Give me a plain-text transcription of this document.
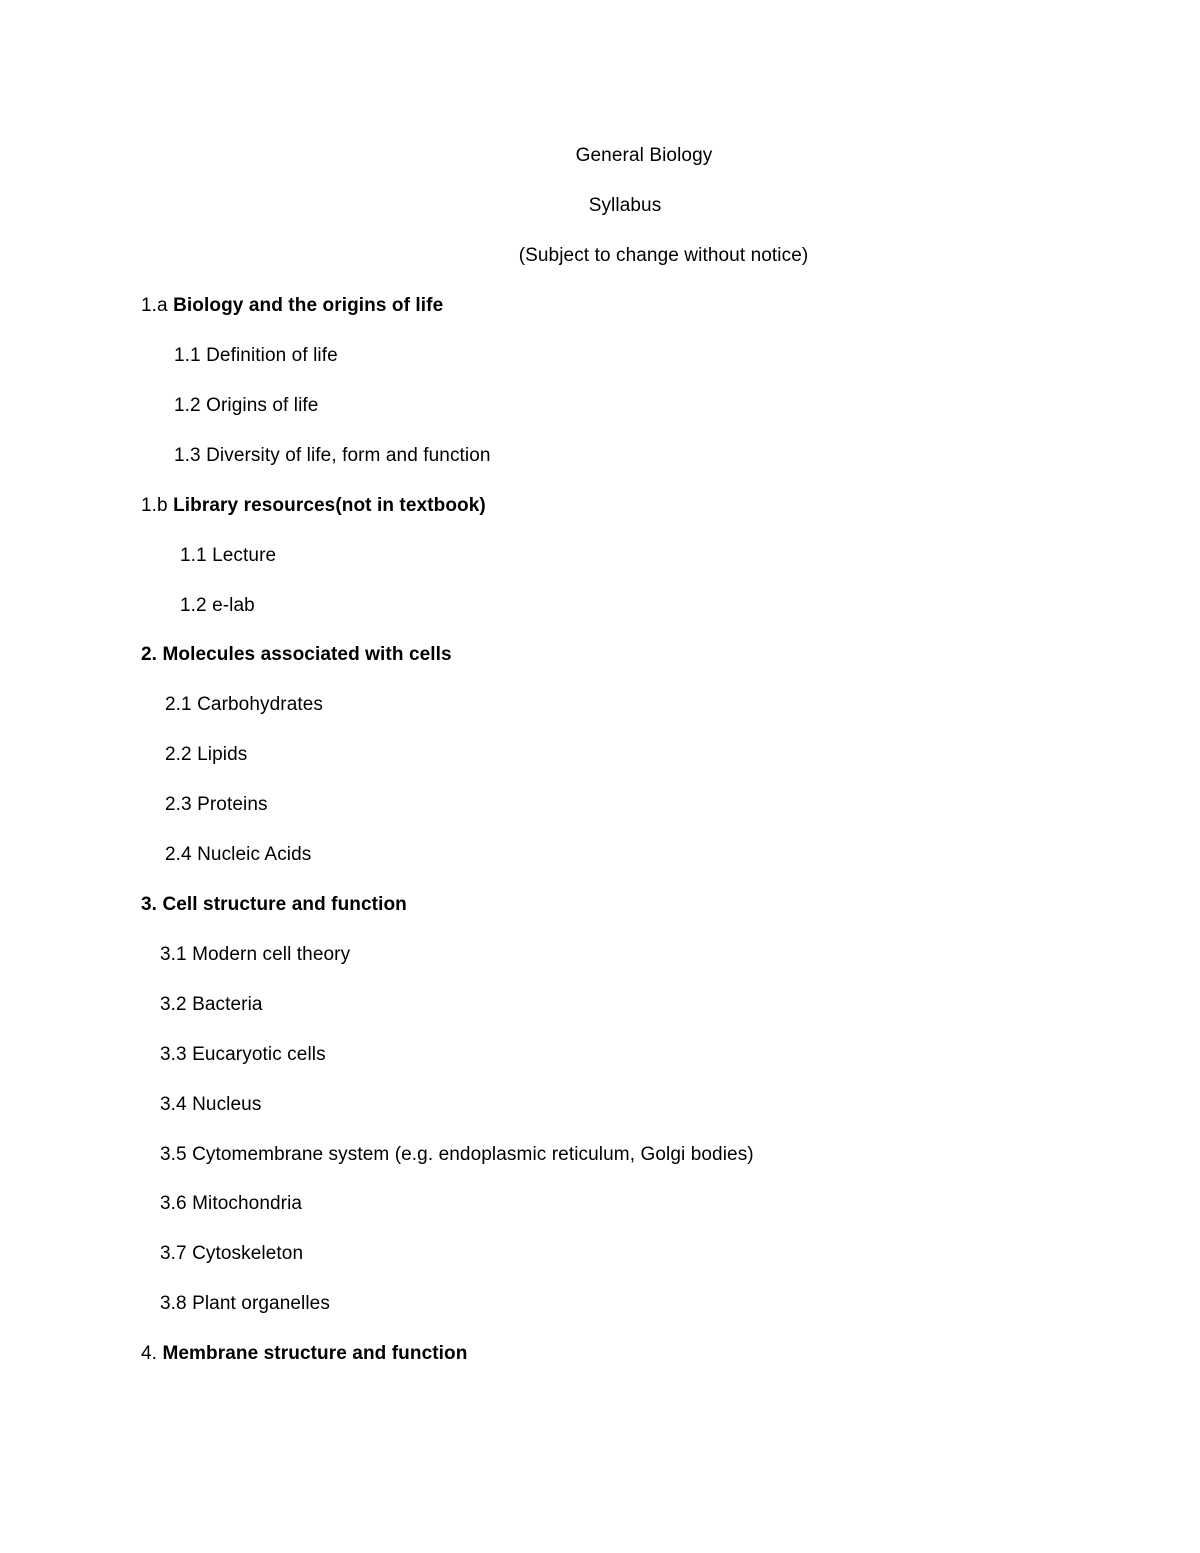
General Biology
Syllabus
(Subject to change without notice)
1.a Biology and the origins of life
1.1 Definition of life
1.2 Origins of life
1.3 Diversity of life, form and function
1.b Library resources(not in textbook)
1.1 Lecture
1.2 e-lab
2. Molecules associated with cells
2.1 Carbohydrates
2.2 Lipids
2.3 Proteins
2.4 Nucleic Acids
3. Cell structure and function
3.1 Modern cell theory
3.2 Bacteria
3.3 Eucaryotic cells
3.4 Nucleus
3.5 Cytomembrane system (e.g. endoplasmic reticulum, Golgi bodies)
3.6 Mitochondria
3.7 Cytoskeleton
3.8 Plant organelles
4. Membrane structure and function
